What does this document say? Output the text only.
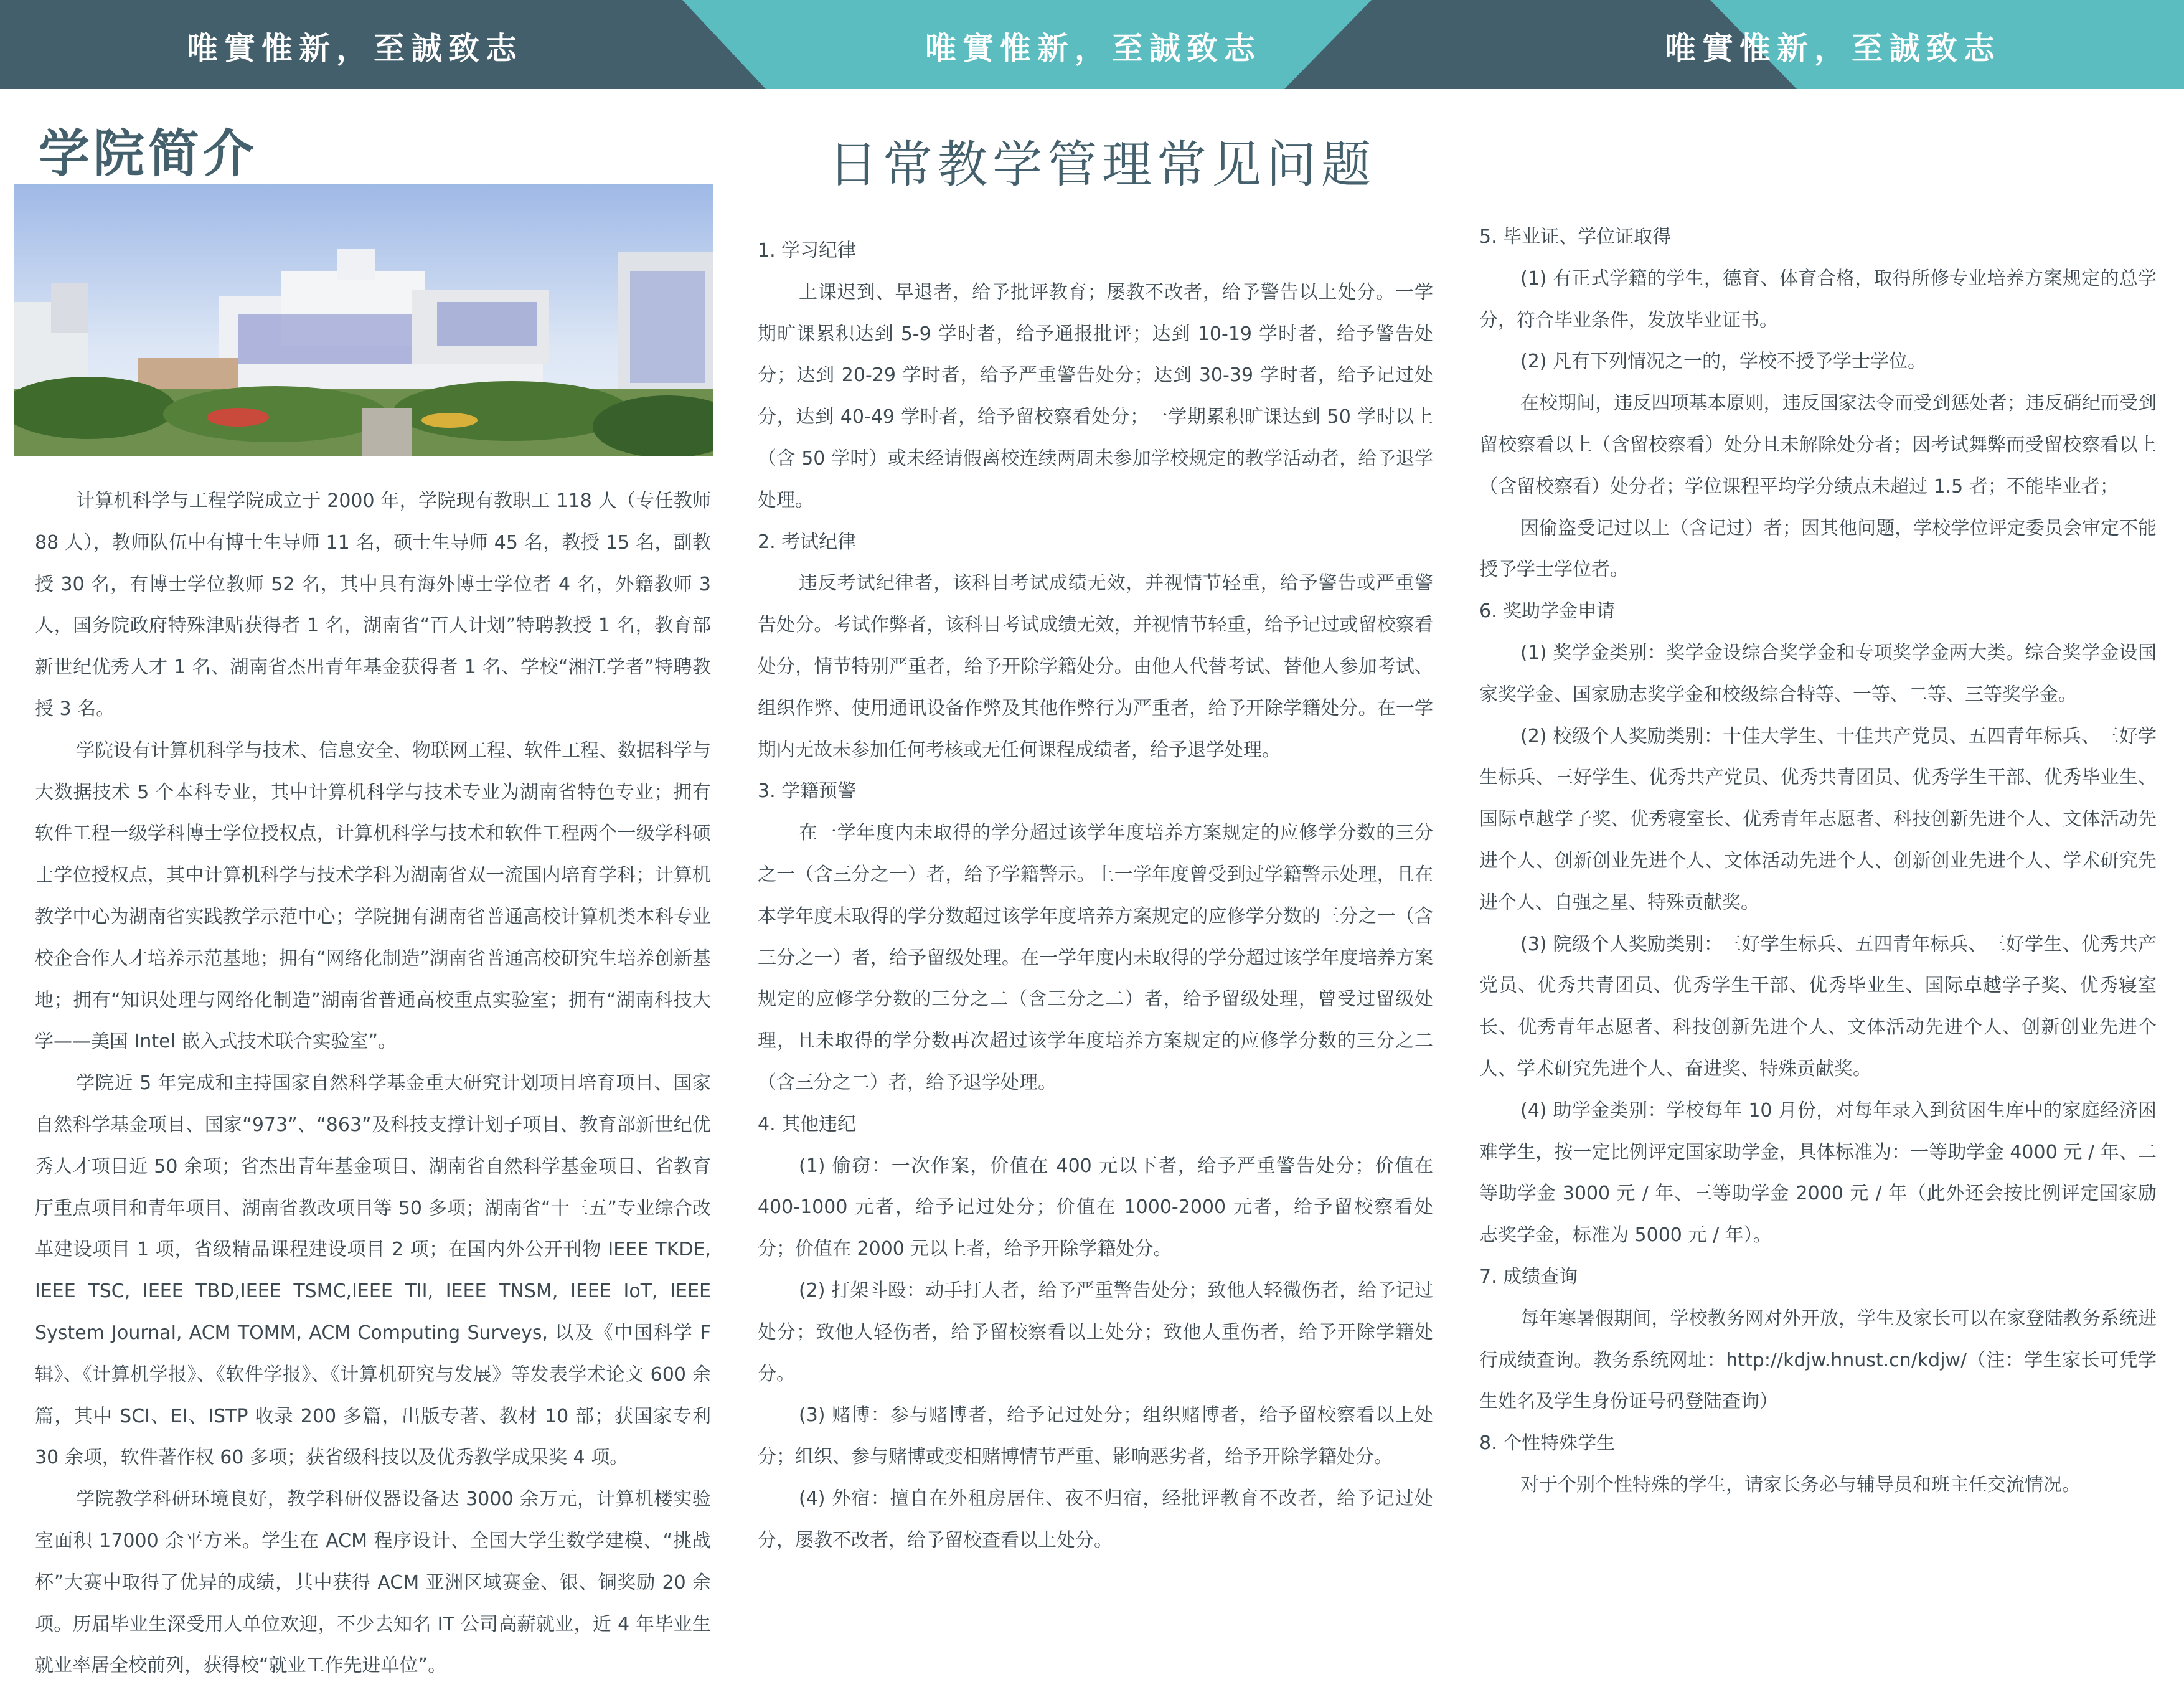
唯實惟新，至誠致志	唯實惟新，至誠致志	唯實惟新，至誠致志
学院简介

计算机科学与工程学院成立于 2000 年，学院现有教职工 118 人（专任教师 88 人），教师队伍中有博士生导师 11 名，硕士生导师 45 名，教授 15 名，副教授 30 名，有博士学位教师 52 名，其中具有海外博士学位者 4 名，外籍教师 3 人，国务院政府特殊津贴获得者 1 名，湖南省“百人计划”特聘教授 1 名，教育部新世纪优秀人才 1 名、湖南省杰出青年基金获得者 1 名、学校“湘江学者”特聘教授 3 名。

学院设有计算机科学与技术、信息安全、物联网工程、软件工程、数据科学与大数据技术 5 个本科专业，其中计算机科学与技术专业为湖南省特色专业；拥有软件工程一级学科博士学位授权点，计算机科学与技术和软件工程两个一级学科硕士学位授权点，其中计算机科学与技术学科为湖南省双一流国内培育学科；计算机教学中心为湖南省实践教学示范中心；学院拥有湖南省普通高校计算机类本科专业校企合作人才培养示范基地；拥有“网络化制造”湖南省普通高校研究生培养创新基地；拥有“知识处理与网络化制造”湖南省普通高校重点实验室；拥有“湖南科技大学——美国 Intel 嵌入式技术联合实验室”。

学院近 5 年完成和主持国家自然科学基金重大研究计划项目培育项目、国家自然科学基金项目、国家“973”、“863”及科技支撑计划子项目、教育部新世纪优秀人才项目近 50 余项；省杰出青年基金项目、湖南省自然科学基金项目、省教育厅重点项目和青年项目、湖南省教改项目等 50 多项；湖南省“十三五”专业综合改革建设项目 1 项，省级精品课程建设项目 2 项；在国内外公开刊物 IEEE TKDE, IEEE TSC, IEEE TBD,IEEE TSMC,IEEE TII, IEEE TNSM, IEEE IoT, IEEE System Journal, ACM TOMM, ACM Computing Surveys, 以及《中国科学 F 辑》、《计算机学报》、《软件学报》、《计算机研究与发展》等发表学术论文 600 余篇，其中 SCI、EI、ISTP 收录 200 多篇，出版专著、教材 10 部；获国家专利 30 余项，软件著作权 60 多项；获省级科技以及优秀教学成果奖 4 项。

学院教学科研环境良好，教学科研仪器设备达 3000 余万元，计算机楼实验室面积 17000 余平方米。学生在 ACM 程序设计、全国大学生数学建模、“挑战杯”大赛中取得了优异的成绩，其中获得 ACM 亚洲区域赛金、银、铜奖励 20 余项。历届毕业生深受用人单位欢迎，不少去知名 IT 公司高薪就业，近 4 年毕业生就业率居全校前列，获得校“就业工作先进单位”。

日常教学管理常见问题

1. 学习纪律

上课迟到、早退者，给予批评教育；屡教不改者，给予警告以上处分。一学期旷课累积达到 5-9 学时者，给予通报批评；达到 10-19 学时者，给予警告处分；达到 20-29 学时者，给予严重警告处分；达到 30-39 学时者，给予记过处分，达到 40-49 学时者，给予留校察看处分；一学期累积旷课达到 50 学时以上（含 50 学时）或未经请假离校连续两周未参加学校规定的教学活动者，给予退学处理。

2. 考试纪律

违反考试纪律者，该科目考试成绩无效，并视情节轻重，给予警告或严重警告处分。考试作弊者，该科目考试成绩无效，并视情节轻重，给予记过或留校察看处分，情节特别严重者，给予开除学籍处分。由他人代替考试、替他人参加考试、组织作弊、使用通讯设备作弊及其他作弊行为严重者，给予开除学籍处分。在一学期内无故未参加任何考核或无任何课程成绩者，给予退学处理。

3. 学籍预警

在一学年度内未取得的学分超过该学年度培养方案规定的应修学分数的三分之一（含三分之一）者，给予学籍警示。上一学年度曾受到过学籍警示处理，且在本学年度未取得的学分数超过该学年度培养方案规定的应修学分数的三分之一（含三分之一）者，给予留级处理。在一学年度内未取得的学分超过该学年度培养方案规定的应修学分数的三分之二（含三分之二）者，给予留级处理，曾受过留级处理，且未取得的学分数再次超过该学年度培养方案规定的应修学分数的三分之二（含三分之二）者，给予退学处理。

4. 其他违纪

(1) 偷窃：一次作案，价值在 400 元以下者，给予严重警告处分；价值在 400-1000 元者，给予记过处分；价值在 1000-2000 元者，给予留校察看处分；价值在 2000 元以上者，给予开除学籍处分。

(2) 打架斗殴：动手打人者，给予严重警告处分；致他人轻微伤者，给予记过处分；致他人轻伤者，给予留校察看以上处分；致他人重伤者，给予开除学籍处分。

(3) 赌博：参与赌博者，给予记过处分；组织赌博者，给予留校察看以上处分；组织、参与赌博或变相赌博情节严重、影响恶劣者，给予开除学籍处分。

(4) 外宿：擅自在外租房居住、夜不归宿，经批评教育不改者，给予记过处分，屡教不改者，给予留校查看以上处分。

5. 毕业证、学位证取得

(1) 有正式学籍的学生，德育、体育合格，取得所修专业培养方案规定的总学分，符合毕业条件，发放毕业证书。

(2) 凡有下列情况之一的，学校不授予学士学位。

在校期间，违反四项基本原则，违反国家法令而受到惩处者；违反硝纪而受到留校察看以上（含留校察看）处分且未解除处分者；因考试舞弊而受留校察看以上（含留校察看）处分者；学位课程平均学分绩点未超过 1.5 者；不能毕业者；

因偷盗受记过以上（含记过）者；因其他问题，学校学位评定委员会审定不能授予学士学位者。

6. 奖助学金申请

(1) 奖学金类别：奖学金设综合奖学金和专项奖学金两大类。综合奖学金设国家奖学金、国家励志奖学金和校级综合特等、一等、二等、三等奖学金。

(2) 校级个人奖励类别：十佳大学生、十佳共产党员、五四青年标兵、三好学生标兵、三好学生、优秀共产党员、优秀共青团员、优秀学生干部、优秀毕业生、国际卓越学子奖、优秀寝室长、优秀青年志愿者、科技创新先进个人、文体活动先进个人、创新创业先进个人、文体活动先进个人、创新创业先进个人、学术研究先进个人、自强之星、特殊贡献奖。

(3) 院级个人奖励类别：三好学生标兵、五四青年标兵、三好学生、优秀共产党员、优秀共青团员、优秀学生干部、优秀毕业生、国际卓越学子奖、优秀寝室长、优秀青年志愿者、科技创新先进个人、文体活动先进个人、创新创业先进个人、学术研究先进个人、奋进奖、特殊贡献奖。

(4) 助学金类别：学校每年 10 月份，对每年录入到贫困生库中的家庭经济困难学生，按一定比例评定国家助学金，具体标准为：一等助学金 4000 元 / 年、二等助学金 3000 元 / 年、三等助学金 2000 元 / 年（此外还会按比例评定国家励志奖学金，标准为 5000 元 / 年）。

7. 成绩查询

每年寒暑假期间，学校教务网对外开放，学生及家长可以在家登陆教务系统进行成绩查询。教务系统网址：http://kdjw.hnust.cn/kdjw/（注：学生家长可凭学生姓名及学生身份证号码登陆查询）

8. 个性特殊学生

对于个别个性特殊的学生，请家长务必与辅导员和班主任交流情况。
